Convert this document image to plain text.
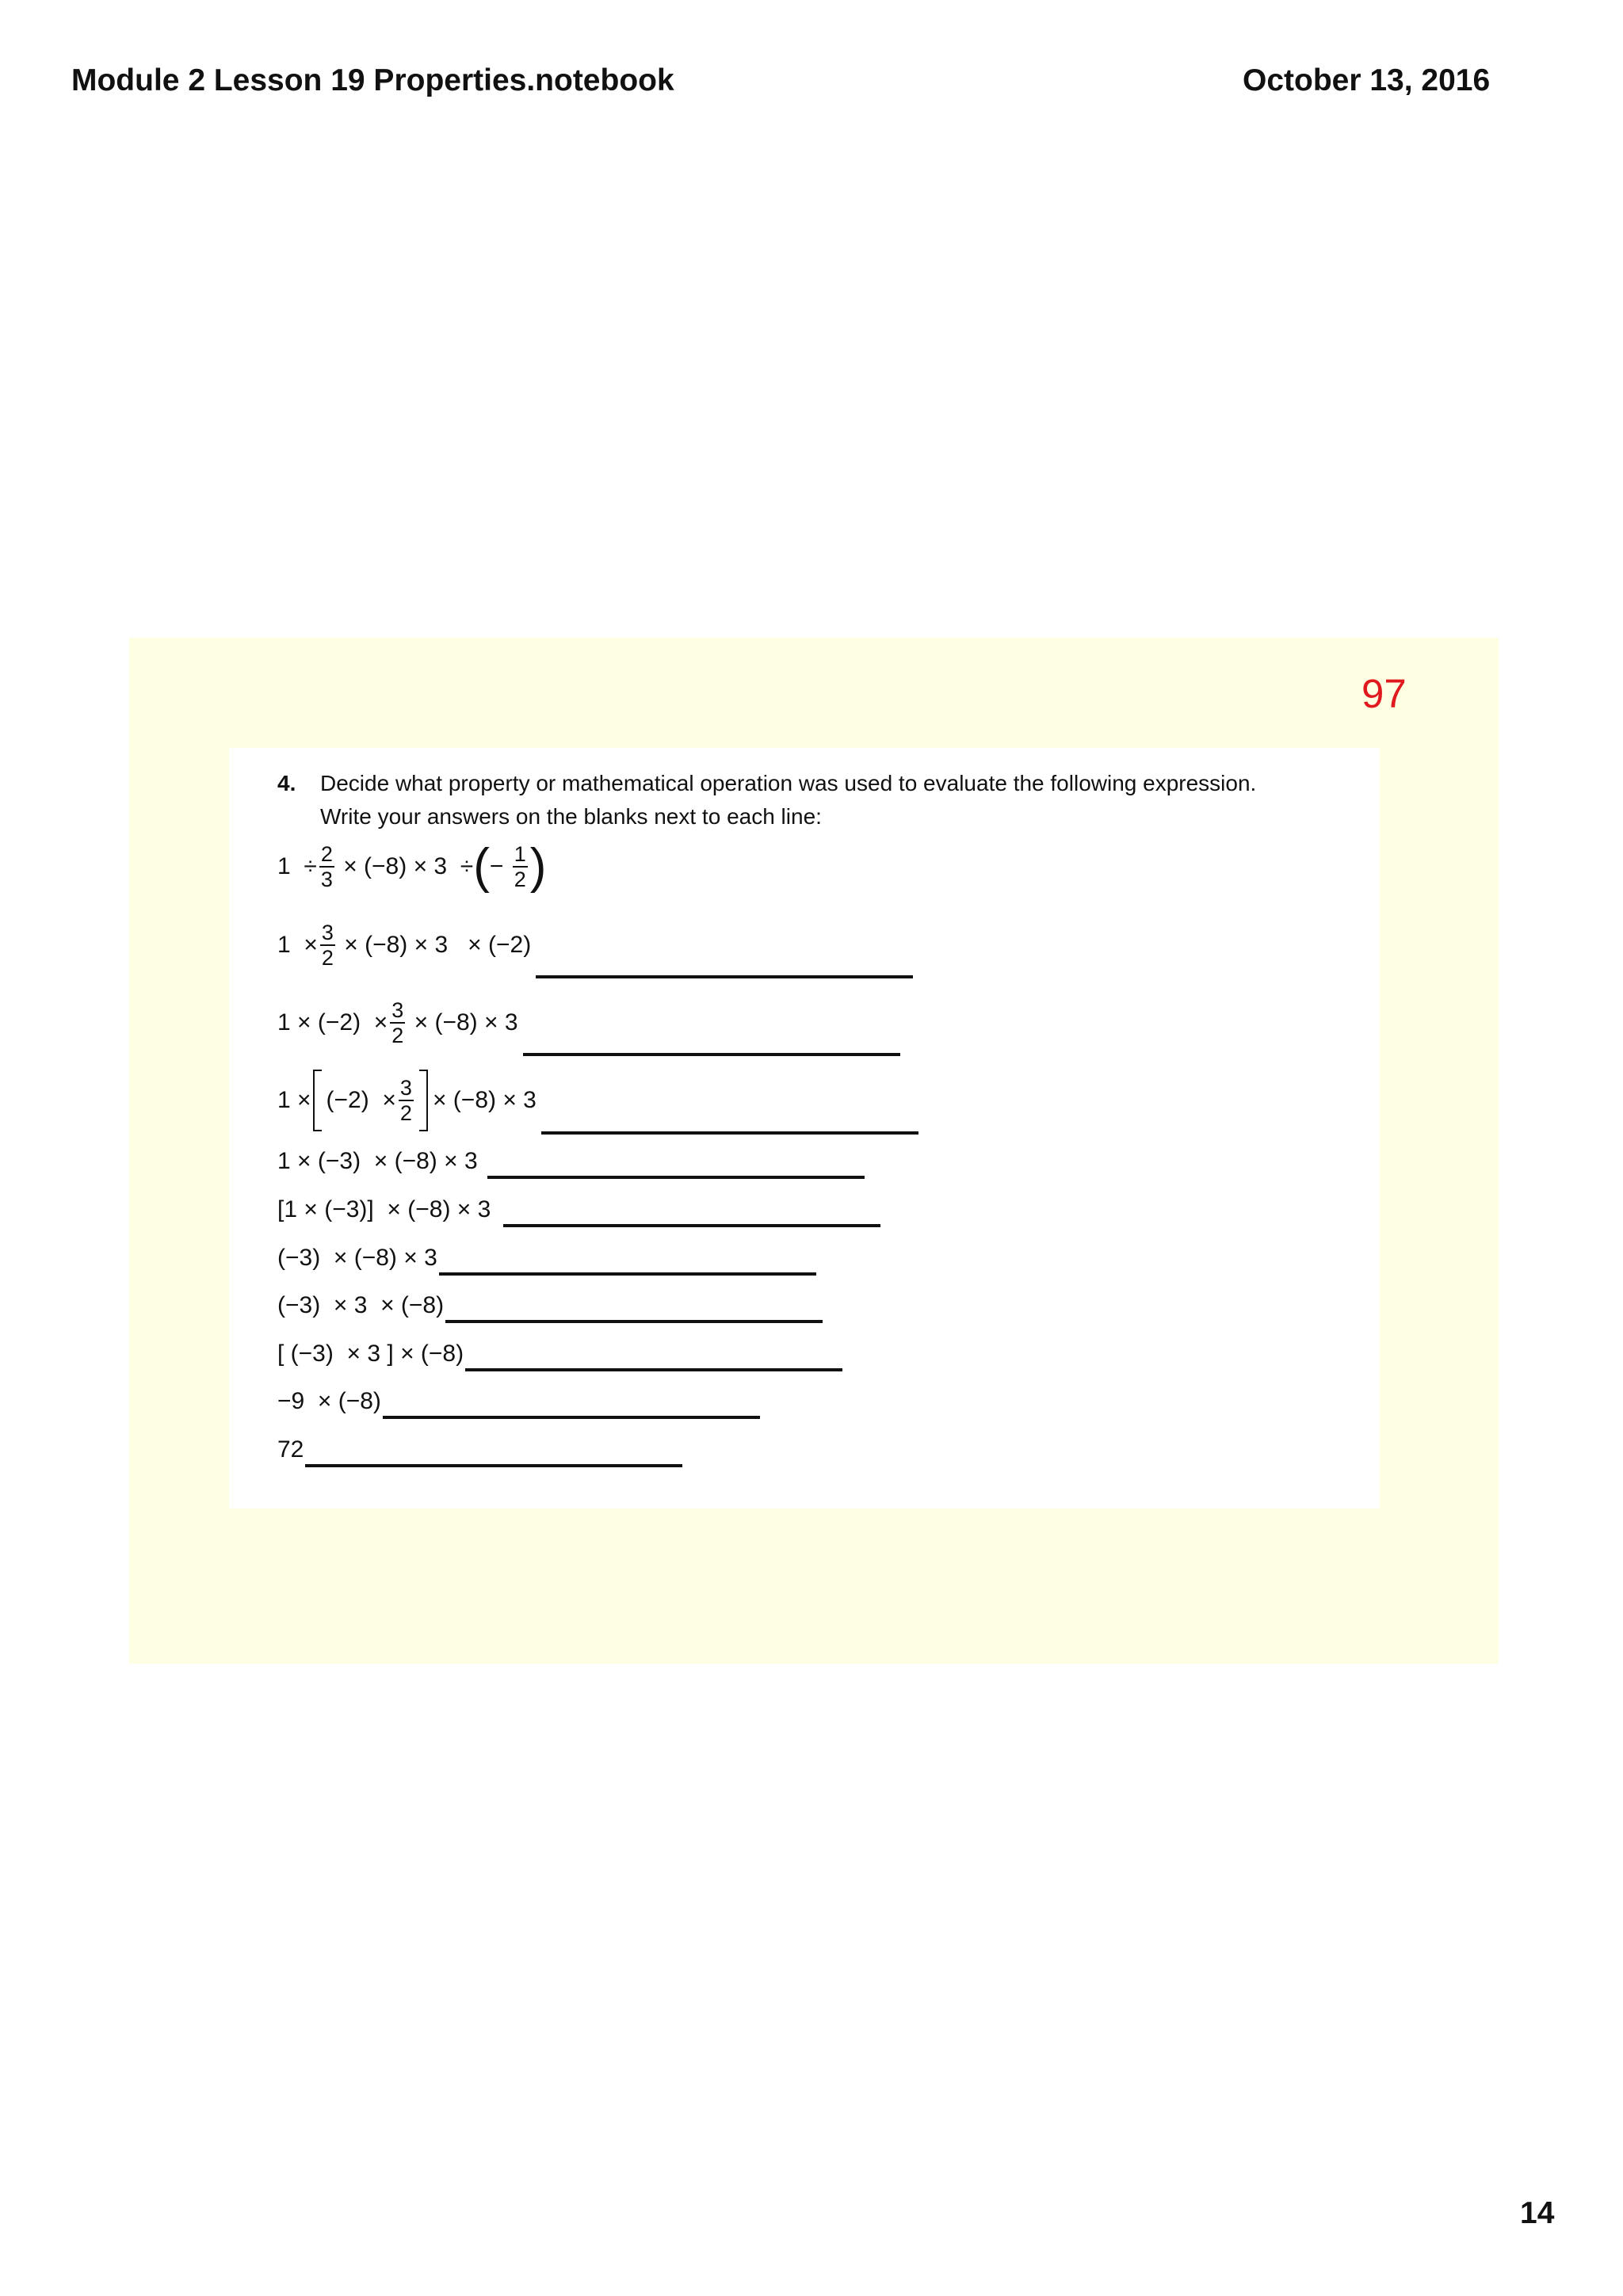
Module 2 Lesson 19 Properties.notebook	October 13, 2016
97
4. Decide what property or mathematical operation was used to evaluate the following expression.
Write your answers on the blanks next to each line:
$1 \div \frac{2}{3} \times (-8) \times 3$  ÷ ( − $\frac{1}{2}$ )
$1 \times \frac{3}{2} \times (-8) \times 3 \times (-2)$
$1 \times (-2) \times \frac{3}{2} \times (-8) \times 3$
$1 \times (-2) \times \frac{3}{2} \times (-8) \times 3$
1 × (−3)  × (−8) × 3
[1 × (−3)]  × (−8) × 3
(−3)  × (−8) × 3
(−3)  × 3  × (−8)
[ (−3)  × 3 ] × (−8)
−9  × (−8)
72
14
